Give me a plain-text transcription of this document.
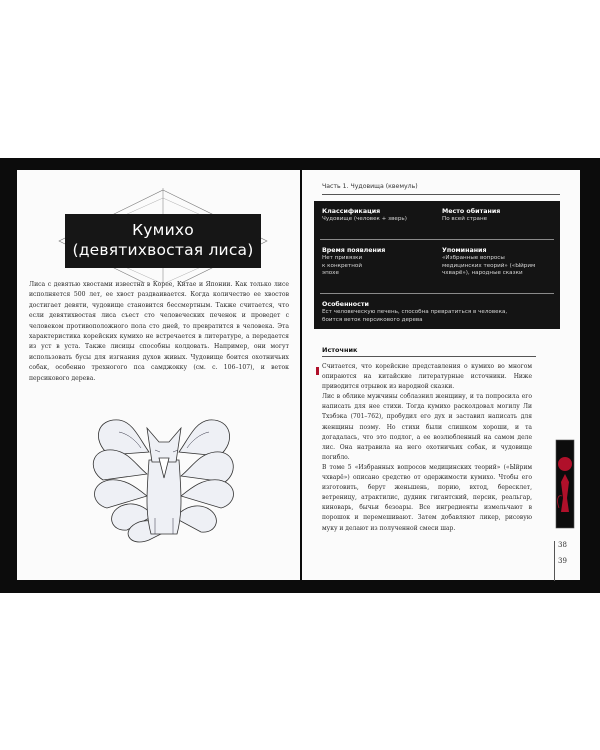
Кумихо
(девятихвостая лиса)
Лиса с девятью хвостами известна в Корее, Китае и Японии. Как только лисе исполняется 500 лет, ее хвост раздваивается. Когда количество ее хвостов достигает девяти, чудовище становится бессмертным. Также считается, что если девятихвостая лиса съест сто человеческих печенок и проведет с человеком противоположного пола сто дней, то превратится в человека. Эта характеристика корейских кумихо не встречается в литературе, а передается из уст в уста. Также лисицы способны колдовать. Например, они могут использовать бусы для изгнания духов живых. Чудовище боится охотничьих собак, особенно трехногого пса самджокку (см. с. 106–107), и веток персикового дерева.
Часть 1. Чудовища (квемуль)
Классификация
Чудовище (человек + зверь)
Место обитания
По всей стране
Время появления
Нет привязки
к конкретной
эпохе
Упоминания
«Избранные вопросы
медицинских теорий» («Ыйрим
чхварё»), народные сказки
Особенности
Ест человеческую печень, способна превратиться в человека,
боится веток персикового дерева
Источник

Считается, что корейские представления о кумихо во многом опираются на китайские литературные источники. Ниже приводится отрывок из народной сказки.

Лис в облике мужчины соблазнил женщину, и та попросила его написать для нее стихи. Тогда кумихо расколдовал могилу Ли Тхэбэка (701–762), пробудил его дух и заставил написать для женщины поэму. Но стихи были слишком хороши, и та догадалась, что это подлог, а ее возлюбленный на самом деле лис. Она натравила на него охотничьих собак, и чудовище погибло.

В томе 5 «Избранных вопросов медицинских теорий» («Ыйрим чхварё») описано средство от одержимости кумихо. Чтобы его изготовить, берут женьшень, порию, вхтод, бересклет, ветреницу, атрактилис, дудник гигантский, персик, реальгар, киноварь, бычьи безоары. Все ингредиенты измельчают в порошок и перемешивают. Затем добавляют ликер, рисовую муку и делают из полученной смеси шар.

38
39
